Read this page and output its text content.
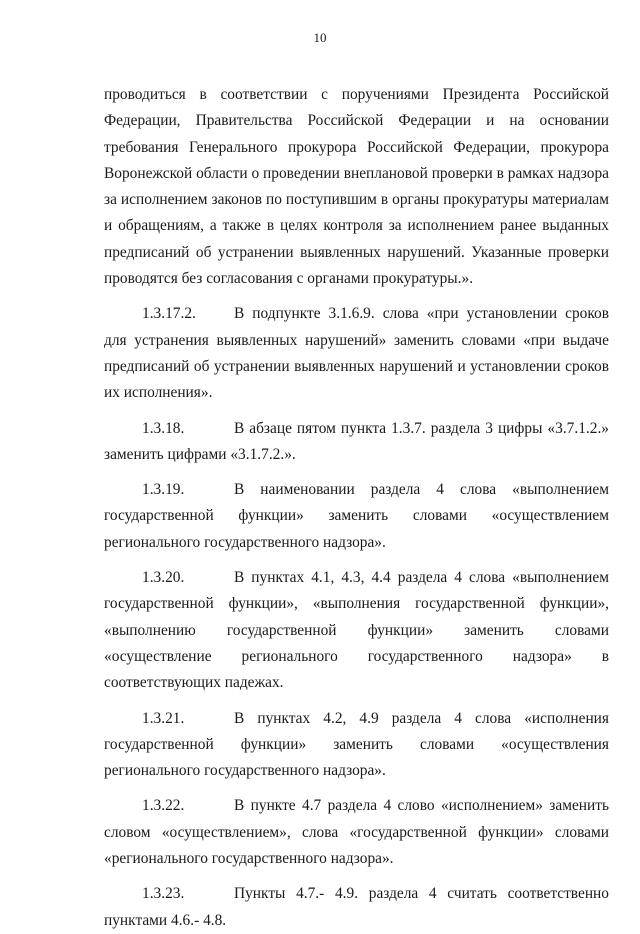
10

проводиться в соответствии с поручениями Президента Российской Федерации, Правительства Российской Федерации и на основании требования Генерального прокурора Российской Федерации, прокурора Воронежской области о проведении внеплановой проверки в рамках надзора за исполнением законов по поступившим в органы прокуратуры материалам и обращениям, а также в целях контроля за исполнением ранее выданных предписаний об устранении выявленных нарушений. Указанные проверки проводятся без согласования с органами прокуратуры.».

1.3.17.2. В подпункте 3.1.6.9. слова «при установлении сроков для устранения выявленных нарушений» заменить словами «при выдаче предписаний об устранении выявленных нарушений и установлении сроков их исполнения».

1.3.18.	В абзаце пятом пункта 1.3.7. раздела 3 цифры «3.7.1.2.» заменить цифрами «3.1.7.2.».

1.3.19.	В наименовании раздела 4 слова «выполнением государственной функции» заменить словами «осуществлением регионального государственного надзора».

1.3.20.	В пунктах 4.1, 4.3, 4.4 раздела 4 слова «выполнением государственной функции», «выполнения государственной функции», «выполнению государственной функции» заменить словами «осуществление регионального государственного надзора» в соответствующих падежах.

1.3.21.	В пунктах 4.2, 4.9 раздела 4 слова «исполнения государственной функции» заменить словами «осуществления регионального государственного надзора».

1.3.22.	В пункте 4.7 раздела 4 слово «исполнением» заменить словом «осуществлением», слова «государственной функции» словами «регионального государственного надзора».

1.3.23.	Пункты 4.7.- 4.9. раздела 4 считать соответственно пунктами 4.6.- 4.8.
